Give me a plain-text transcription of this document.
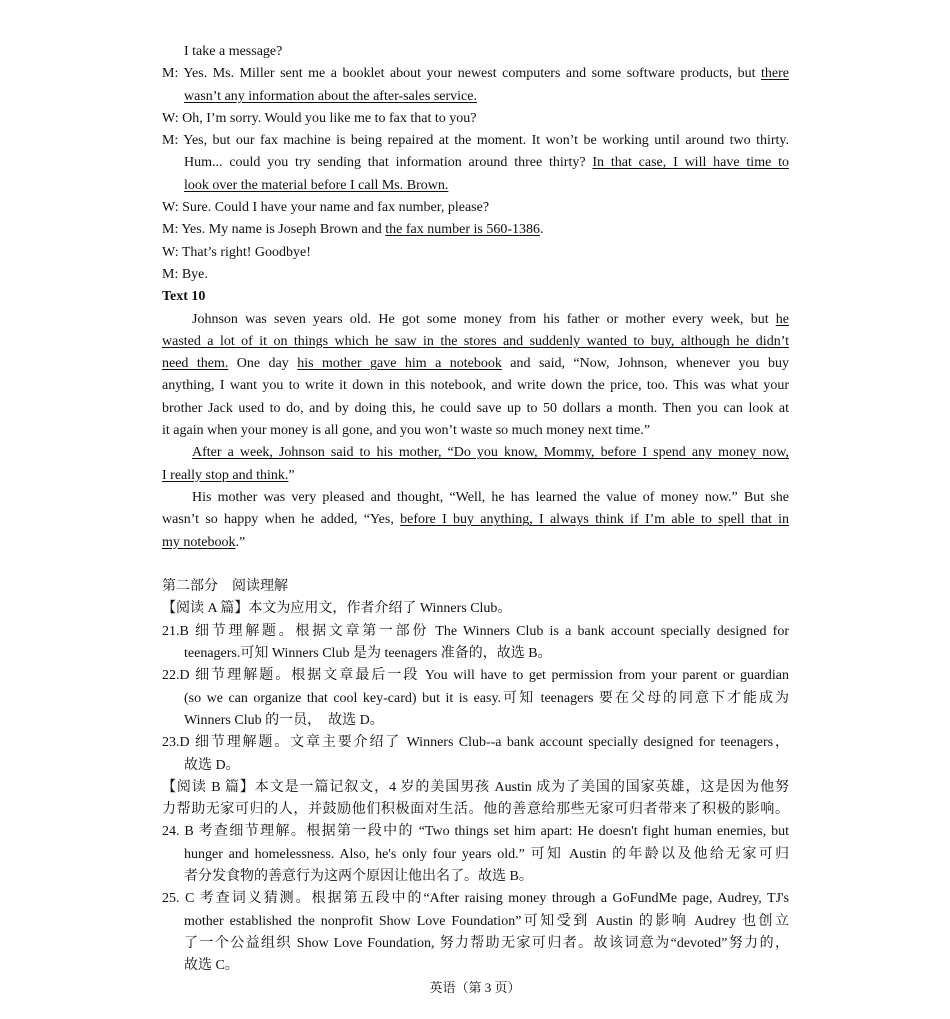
I take a message?
M: Yes. Ms. Miller sent me a booklet about your newest computers and some software products, but there
wasn’t any information about the after-sales service.
W: Oh, I’m sorry. Would you like me to fax that to you?
M: Yes, but our fax machine is being repaired at the moment. It won’t be working until around two thirty.
Hum... could you try sending that information around three thirty? In that case, I will have time to
look over the material before I call Ms. Brown.
W: Sure. Could I have your name and fax number, please?
M: Yes. My name is Joseph Brown and the fax number is 560-1386.
W: That’s right! Goodbye!
M: Bye.
Text 10
Johnson was seven years old. He got some money from his father or mother every week, but he
wasted a lot of it on things which he saw in the stores and suddenly wanted to buy, although he didn’t
need them. One day his mother gave him a notebook and said, “Now, Johnson, whenever you buy
anything, I want you to write it down in this notebook, and write down the price, too. This was what your
brother Jack used to do, and by doing this, he could save up to 50 dollars a month. Then you can look at
it again when your money is all gone, and you won’t waste so much money next time.”
After a week, Johnson said to his mother, “Do you know, Mommy, before I spend any money now,
I really stop and think.”
His mother was very pleased and thought, “Well, he has learned the value of money now.” But she
wasn’t so happy when he added, “Yes, before I buy anything, I always think if I’m able to spell that in
my notebook.”
第二部分　阅读理解
【阅读 A 篇】本文为应用文，作者介绍了 Winners Club。
21.B 细节理解题。根据文章第一部份 The Winners Club is a bank account specially designed for
teenagers.可知 Winners Club 是为 teenagers 准备的，故选 B。
22.D 细节理解题。根据文章最后一段 You will have to get permission from your parent or guardian
(so we can organize that cool key-card) but it is easy.可知 teenagers 要在父母的同意下才能成为
Winners Club 的一员，　故选 D。
23.D 细节理解题。文章主要介绍了 Winners Club--a bank account specially designed for teenagers，
故选 D。
【阅读 B 篇】本文是一篇记叙文，4 岁的美国男孩 Austin 成为了美国的国家英雄，这是因为他努
力帮助无家可归的人，并鼓励他们积极面对生活。他的善意给那些无家可归者带来了积极的影响。
24. B 考查细节理解。根据第一段中的 “Two things set him apart: He doesn't fight human enemies, but
hunger and homelessness. Also, he's only four years old.” 可知 Austin 的年龄以及他给无家可归
者分发食物的善意行为这两个原因让他出名了。故选 B。
25. C 考查词义猜测。根据第五段中的“After raising money through a GoFundMe page, Audrey, TJ's
mother established the nonprofit Show Love Foundation”可知受到 Austin 的影响 Audrey 也创立
了一个公益组织 Show Love Foundation, 努力帮助无家可归者。故该词意为“devoted”努力的，
故选 C。
英语（第 3 页）
